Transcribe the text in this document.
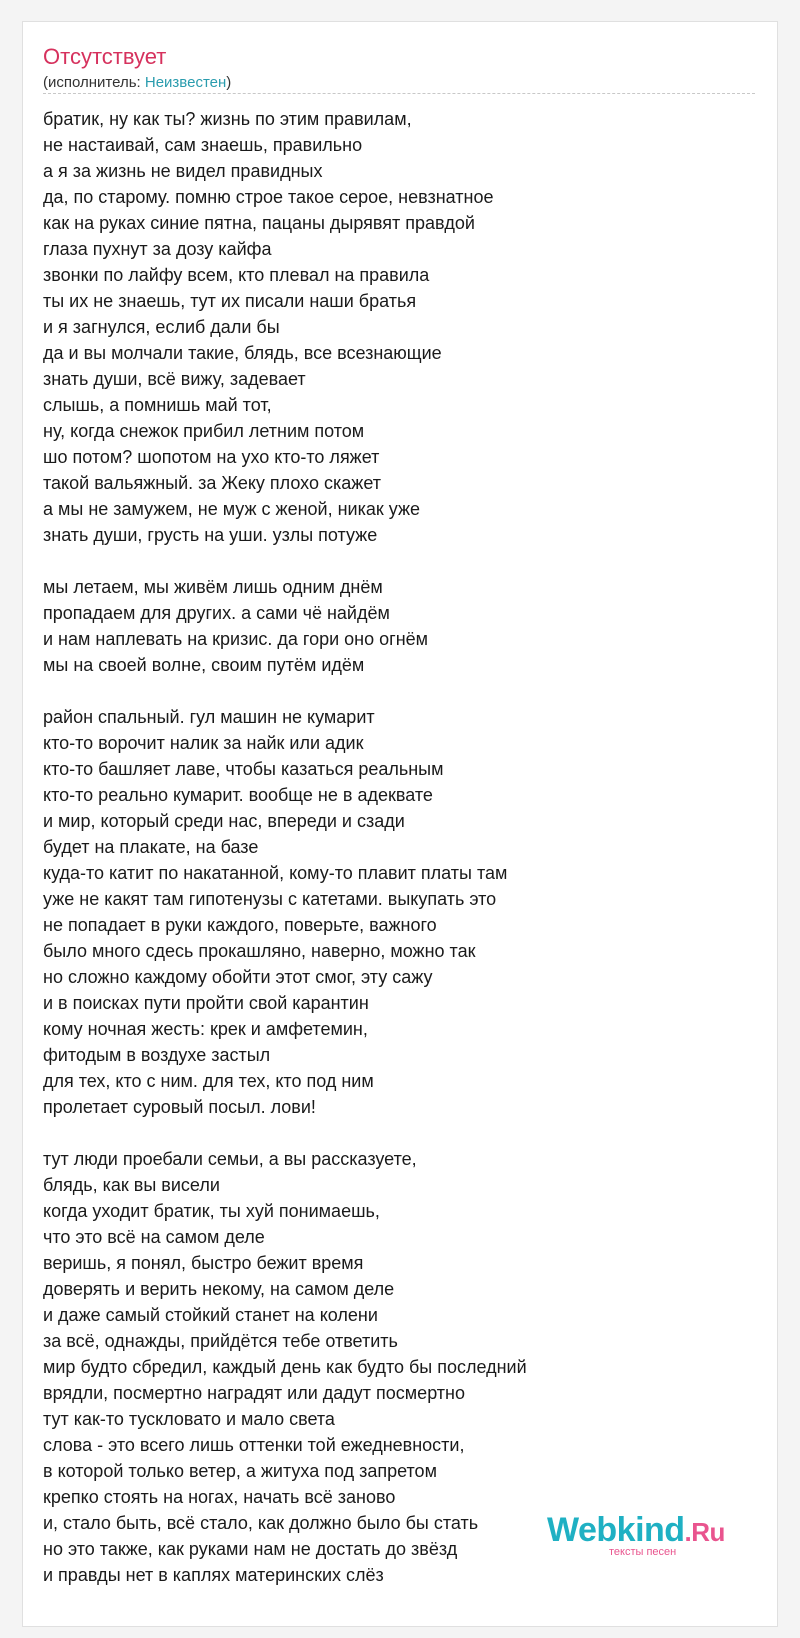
Отсутствует
(исполнитель: Неизвестен)
братик, ну как ты? жизнь по этим правилам,
не настаивай, сам знаешь, правильно
а я за жизнь не видел правидных
да, по старому. помню строе такое серое, невзнатное
как на руках синие пятна, пацаны дырявят правдой
глаза пухнут за дозу кайфа
звонки по лайфу всем, кто плевал на правила
ты их не знаешь, тут их писали наши братья
и я загнулся, еслиб дали бы
да и вы молчали такие, блядь, все всезнающие
знать души, всё вижу, задевает
слышь, а помнишь май тот,
ну, когда снежок прибил летним потом
шо потом? шопотом на ухо кто-то ляжет
такой вальяжный. за Жеку плохо скажет
а мы не замужем, не муж с женой, никак уже
знать души, грусть на уши. узлы потуже
мы летаем, мы живём лишь одним днём
пропадаем для других. а сами чё найдём
и нам наплевать на кризис. да гори оно огнём
мы на своей волне, своим путём идём
район спальный. гул машин не кумарит
кто-то ворочит налик за найк или адик
кто-то башляет лаве, чтобы казаться реальным
кто-то реально кумарит. вообще не в адеквате
и мир, который среди нас, впереди и сзади
будет на плакате, на базе
куда-то катит по накатанной, кому-то плавит платы там
уже не какят там гипотенузы с катетами. выкупать это
не попадает в руки каждого, поверьте, важного
было много сдесь прокашляно, наверно, можно так
но сложно каждому обойти этот смог, эту сажу
и в поисках пути пройти свой карантин
кому ночная жесть: крек и амфетемин,
фитодым в воздухе застыл
для тех, кто с ним. для тех, кто под ним
пролетает суровый посыл. лови!
тут люди проебали семьи, а вы рассказуете,
блядь, как вы висели
когда уходит братик, ты хуй понимаешь,
что это всё на самом деле
веришь, я понял, быстро бежит время
доверять и верить некому, на самом деле
и даже самый стойкий станет на колени
за всё, однажды, прийдётся тебе ответить
мир будто сбредил, каждый день как будто бы последний
врядли, посмертно наградят или дадут посмертно
тут как-то тускловато и мало света
слова - это всего лишь оттенки той ежедневности,
в которой только ветер, а житуха под запретом
крепко стоять на ногах, начать всё заново
и, стало быть, всё стало, как должно было бы стать
но это также, как руками нам не достать до звёзд
и правды нет в каплях материнских слёз
Webkind.Ru
тексты песен
